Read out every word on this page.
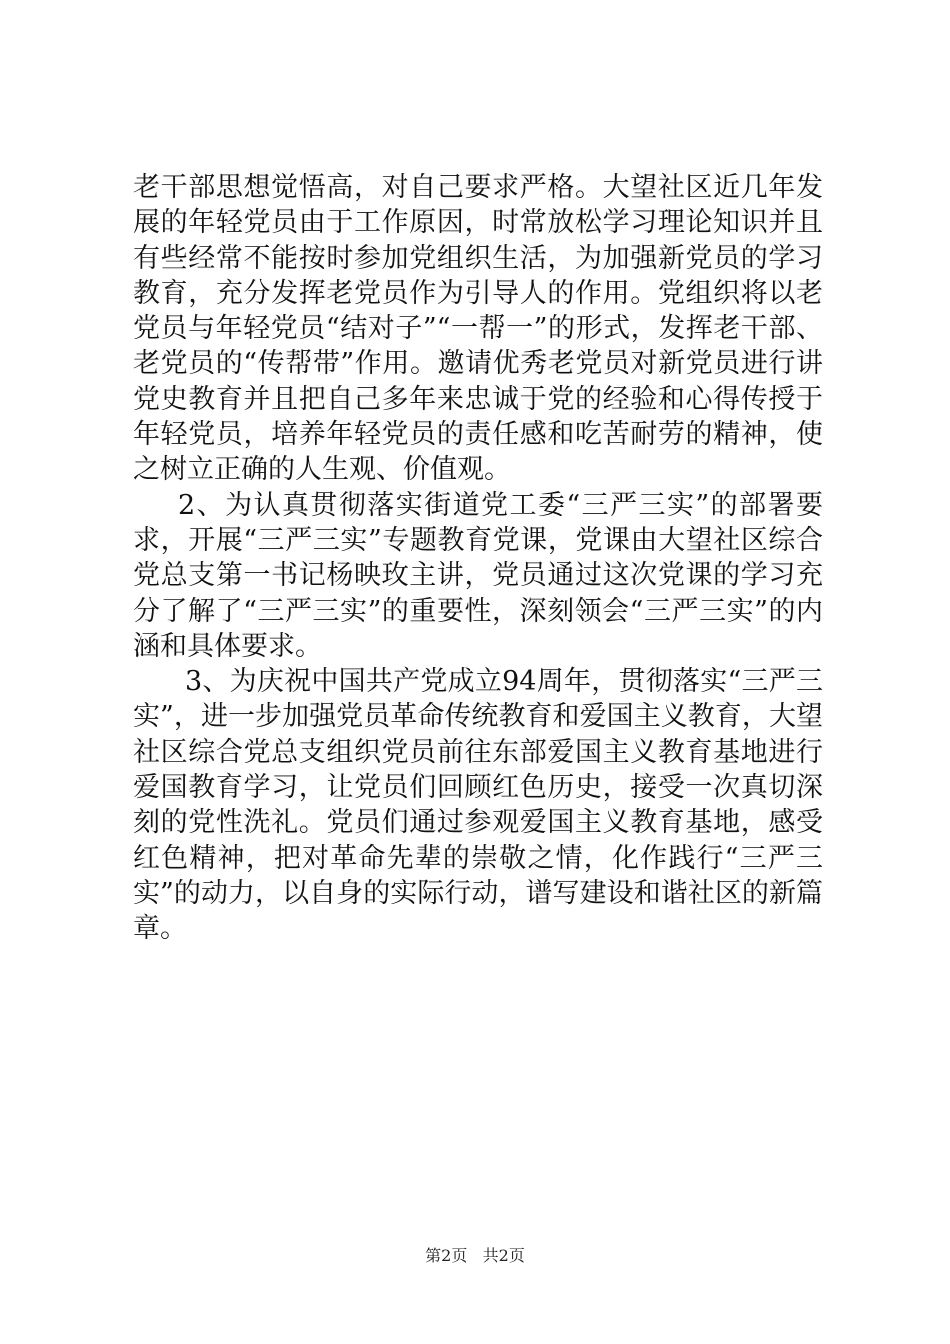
老干部思想觉悟高，对自己要求严格。大望社区近几年发展的年轻党员由于工作原因，时常放松学习理论知识并且有些经常不能按时参加党组织生活，为加强新党员的学习教育，充分发挥老党员作为引导人的作用。党组织将以老党员与年轻党员“结对子”“一帮一”的形式，发挥老干部、老党员的“传帮带”作用。邀请优秀老党员对新党员进行讲党史教育并且把自己多年来忠诚于党的经验和心得传授于年轻党员，培养年轻党员的责任感和吃苦耐劳的精神，使之树立正确的人生观、价值观。

2、为认真贯彻落实街道党工委“三严三实”的部署要求，开展“三严三实”专题教育党课，党课由大望社区综合党总支第一书记杨映玫主讲，党员通过这次党课的学习充分了解了“三严三实”的重要性，深刻领会“三严三实”的内涵和具体要求。

3、为庆祝中国共产党成立94周年，贯彻落实“三严三实”，进一步加强党员革命传统教育和爱国主义教育，大望社区综合党总支组织党员前往东部爱国主义教育基地进行爱国教育学习，让党员们回顾红色历史，接受一次真切深刻的党性洗礼。党员们通过参观爱国主义教育基地，感受红色精神，把对革命先辈的崇敬之情，化作践行“三严三实”的动力，以自身的实际行动，谱写建设和谐社区的新篇章。

第2页 共2页
